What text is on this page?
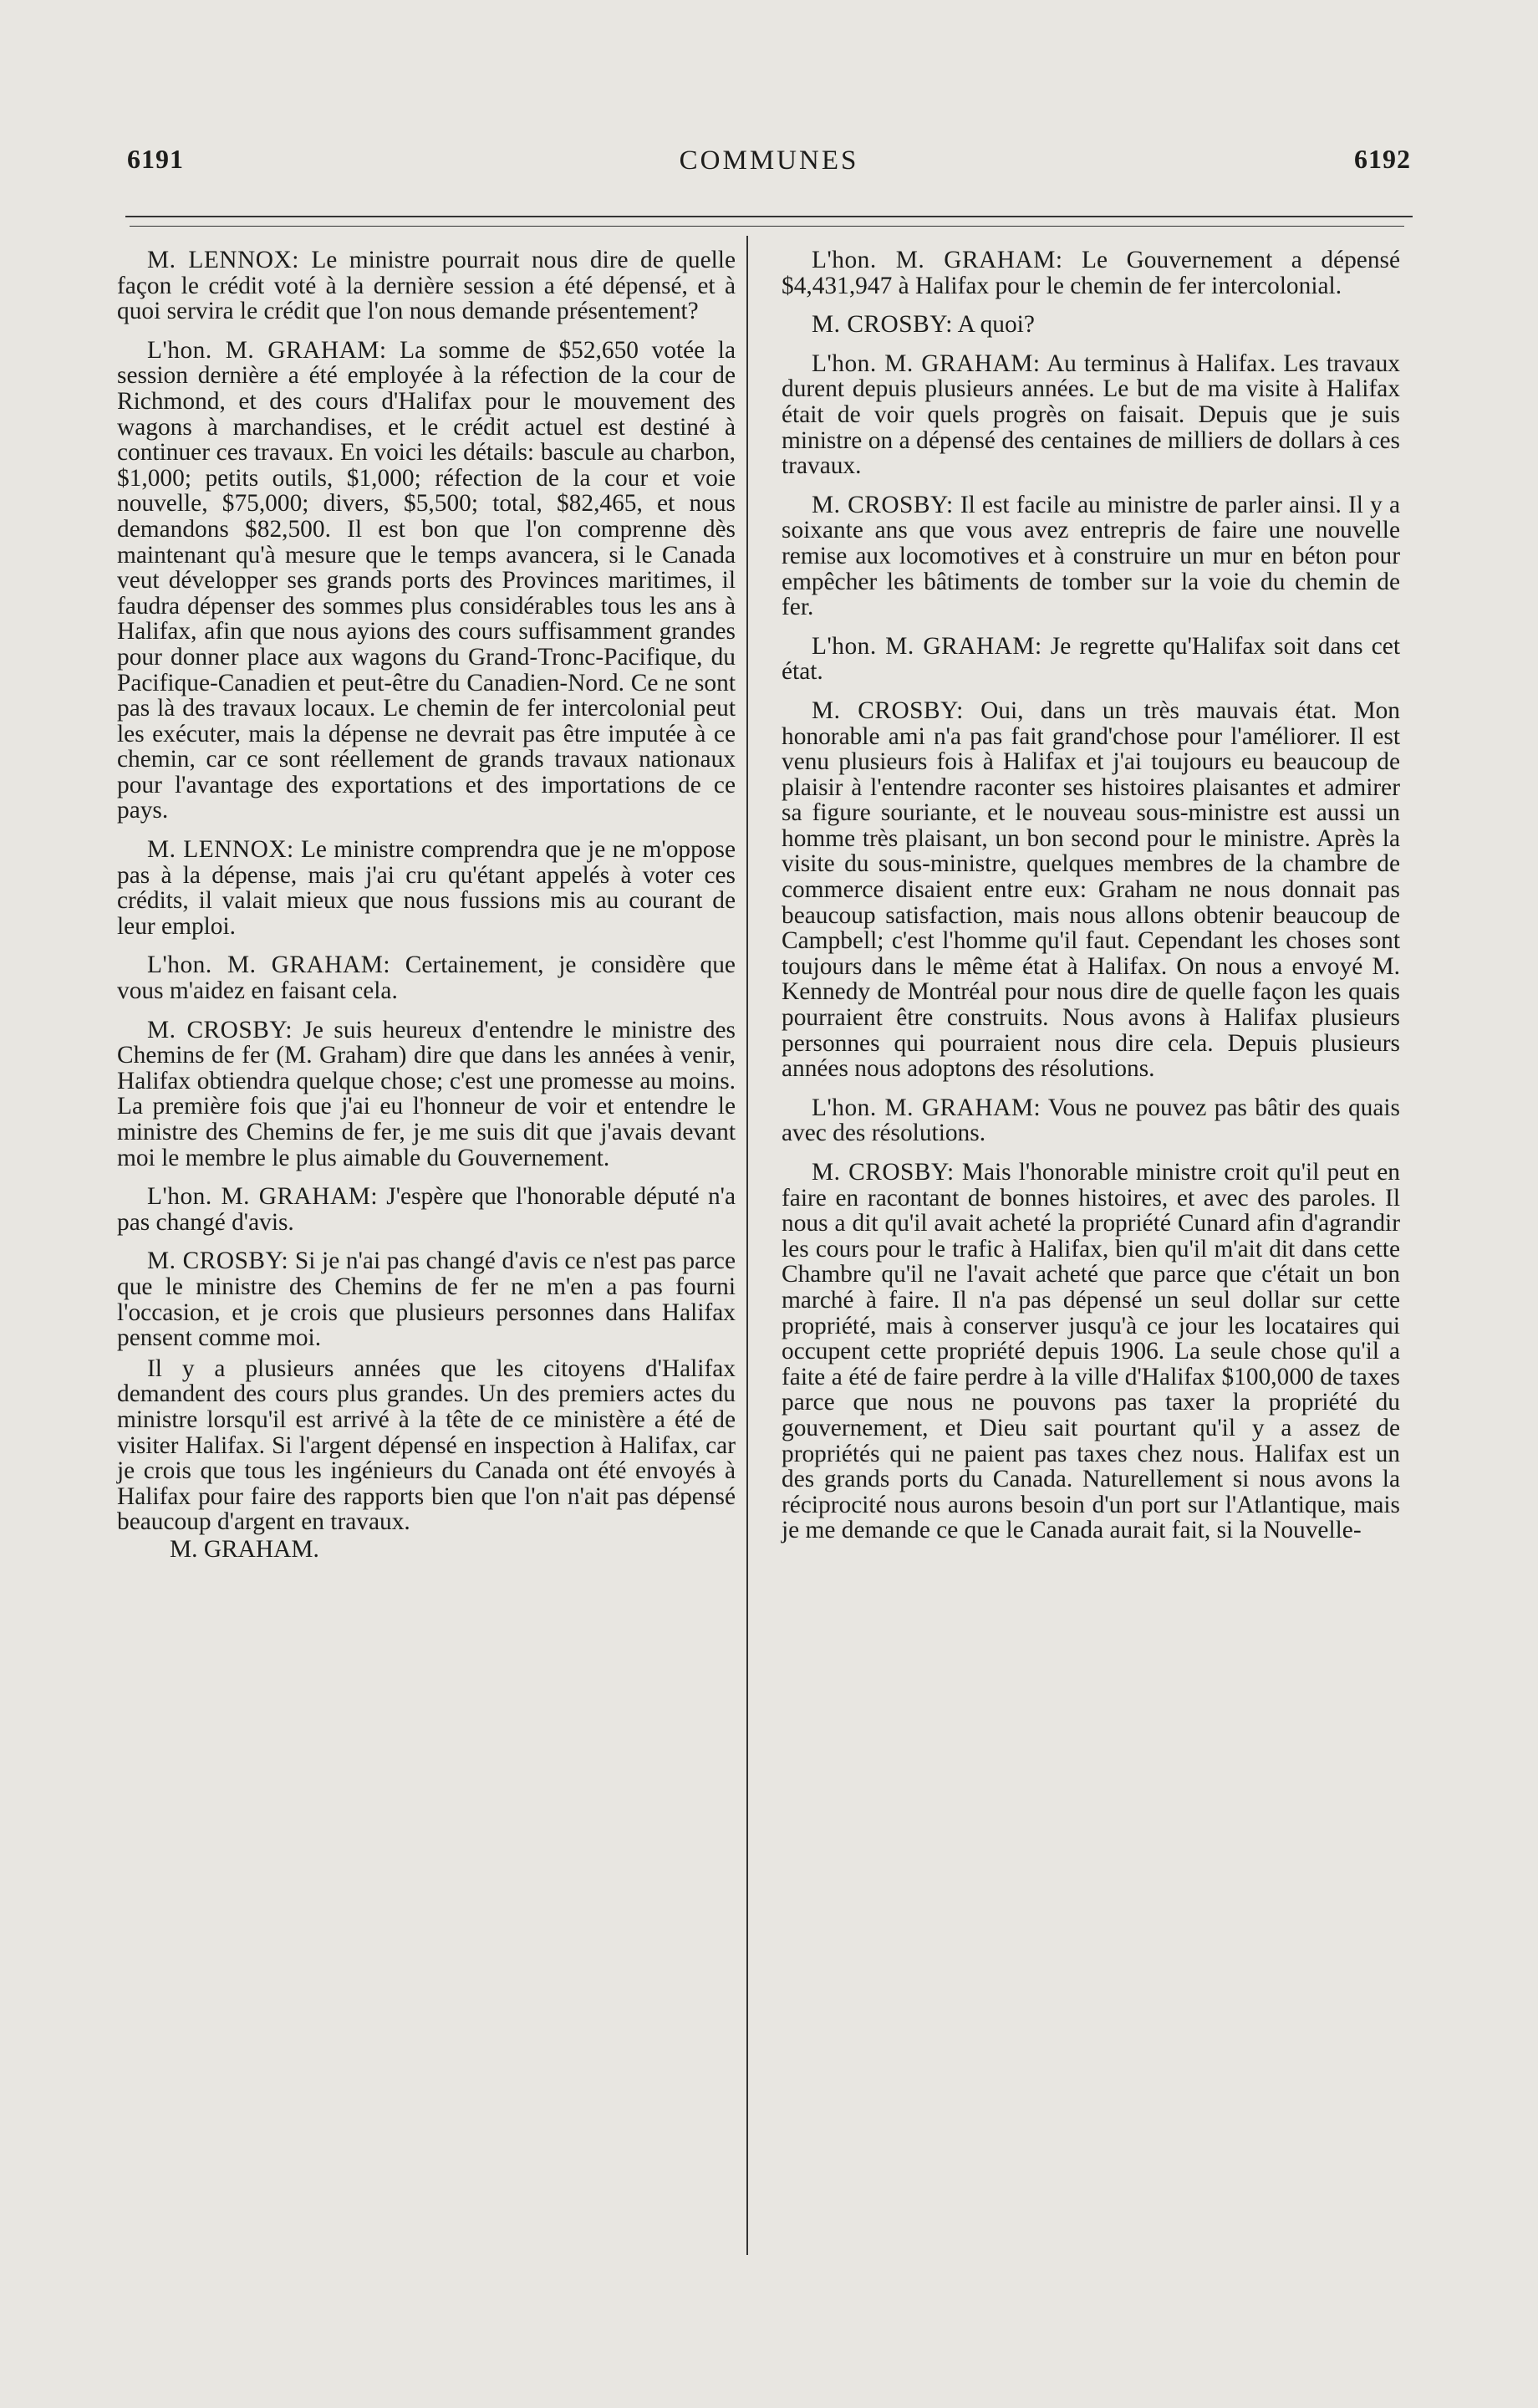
6191	COMMUNES	6192

M. LENNOX: Le ministre pourrait nous dire de quelle façon le crédit voté à la dernière session a été dépensé, et à quoi servira le crédit que l'on nous demande présentement?

L'hon. M. GRAHAM: La somme de $52,650 votée la session dernière a été employée à la réfection de la cour de Richmond, et des cours d'Halifax pour le mouvement des wagons à marchandises, et le crédit actuel est destiné à continuer ces travaux. En voici les détails: bascule au charbon, $1,000; petits outils, $1,000; réfection de la cour et voie nouvelle, $75,000; divers, $5,500; total, $82,465, et nous demandons $82,500. Il est bon que l'on comprenne dès maintenant qu'à mesure que le temps avancera, si le Canada veut développer ses grands ports des Provinces maritimes, il faudra dépenser des sommes plus considérables tous les ans à Halifax, afin que nous ayions des cours suffisamment grandes pour donner place aux wagons du Grand-Tronc-Pacifique, du Pacifique-Canadien et peut-être du Canadien-Nord. Ce ne sont pas là des travaux locaux. Le chemin de fer intercolonial peut les exécuter, mais la dépense ne devrait pas être imputée à ce chemin, car ce sont réellement de grands travaux nationaux pour l'avantage des exportations et des importations de ce pays.

M. LENNOX: Le ministre comprendra que je ne m'oppose pas à la dépense, mais j'ai cru qu'étant appelés à voter ces crédits, il valait mieux que nous fussions mis au courant de leur emploi.

L'hon. M. GRAHAM: Certainement, je considère que vous m'aidez en faisant cela.

M. CROSBY: Je suis heureux d'entendre le ministre des Chemins de fer (M. Graham) dire que dans les années à venir, Halifax obtiendra quelque chose; c'est une promesse au moins. La première fois que j'ai eu l'honneur de voir et entendre le ministre des Chemins de fer, je me suis dit que j'avais devant moi le membre le plus aimable du Gouvernement.

L'hon. M. GRAHAM: J'espère que l'honorable député n'a pas changé d'avis.

M. CROSBY: Si je n'ai pas changé d'avis ce n'est pas parce que le ministre des Chemins de fer ne m'en a pas fourni l'occasion, et je crois que plusieurs personnes dans Halifax pensent comme moi.

Il y a plusieurs années que les citoyens d'Halifax demandent des cours plus grandes. Un des premiers actes du ministre lorsqu'il est arrivé à la tête de ce ministère a été de visiter Halifax. Si l'argent dépensé en inspection à Halifax, car je crois que tous les ingénieurs du Canada ont été envoyés à Halifax pour faire des rapports bien que l'on n'ait pas dépensé beaucoup d'argent en travaux.

M. GRAHAM.

L'hon. M. GRAHAM: Le Gouvernement a dépensé $4,431,947 à Halifax pour le chemin de fer intercolonial.

M. CROSBY: A quoi?

L'hon. M. GRAHAM: Au terminus à Halifax. Les travaux durent depuis plusieurs années. Le but de ma visite à Halifax était de voir quels progrès on faisait. Depuis que je suis ministre on a dépensé des centaines de milliers de dollars à ces travaux.

M. CROSBY: Il est facile au ministre de parler ainsi. Il y a soixante ans que vous avez entrepris de faire une nouvelle remise aux locomotives et à construire un mur en béton pour empêcher les bâtiments de tomber sur la voie du chemin de fer.

L'hon. M. GRAHAM: Je regrette qu'Halifax soit dans cet état.

M. CROSBY: Oui, dans un très mauvais état. Mon honorable ami n'a pas fait grand'chose pour l'améliorer. Il est venu plusieurs fois à Halifax et j'ai toujours eu beaucoup de plaisir à l'entendre raconter ses histoires plaisantes et admirer sa figure souriante, et le nouveau sous-ministre est aussi un homme très plaisant, un bon second pour le ministre. Après la visite du sous-ministre, quelques membres de la chambre de commerce disaient entre eux: Graham ne nous donnait pas beaucoup satisfaction, mais nous allons obtenir beaucoup de Campbell; c'est l'homme qu'il faut. Cependant les choses sont toujours dans le même état à Halifax. On nous a envoyé M. Kennedy de Montréal pour nous dire de quelle façon les quais pourraient être construits. Nous avons à Halifax plusieurs personnes qui pourraient nous dire cela. Depuis plusieurs années nous adoptons des résolutions.

L'hon. M. GRAHAM: Vous ne pouvez pas bâtir des quais avec des résolutions.

M. CROSBY: Mais l'honorable ministre croit qu'il peut en faire en racontant de bonnes histoires, et avec des paroles. Il nous a dit qu'il avait acheté la propriété Cunard afin d'agrandir les cours pour le trafic à Halifax, bien qu'il m'ait dit dans cette Chambre qu'il ne l'avait acheté que parce que c'était un bon marché à faire. Il n'a pas dépensé un seul dollar sur cette propriété, mais à conserver jusqu'à ce jour les locataires qui occupent cette propriété depuis 1906. La seule chose qu'il a faite a été de faire perdre à la ville d'Halifax $100,000 de taxes parce que nous ne pouvons pas taxer la propriété du gouvernement, et Dieu sait pourtant qu'il y a assez de propriétés qui ne paient pas taxes chez nous. Halifax est un des grands ports du Canada. Naturellement si nous avons la réciprocité nous aurons besoin d'un port sur l'Atlantique, mais je me demande ce que le Canada aurait fait, si la Nouvelle-
